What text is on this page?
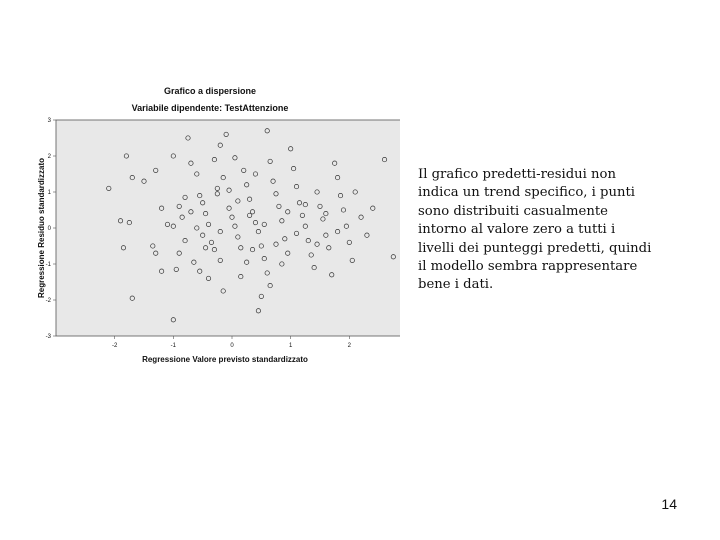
Grafico a dispersione
Variabile dipendente: TestAttenzione
-3
-2
-1
0
1
2
3
-2	-1	0	1	2
Regressione Valore previsto standardizzato
Regressione Residuo standardizzato	Il grafico predetti-residui non indica un trend specifico, i punti sono distribuiti casualmente intorno al valore zero a tutti i livelli dei punteggi predetti, quindi il modello sembra rappresentare bene i dati.
14
